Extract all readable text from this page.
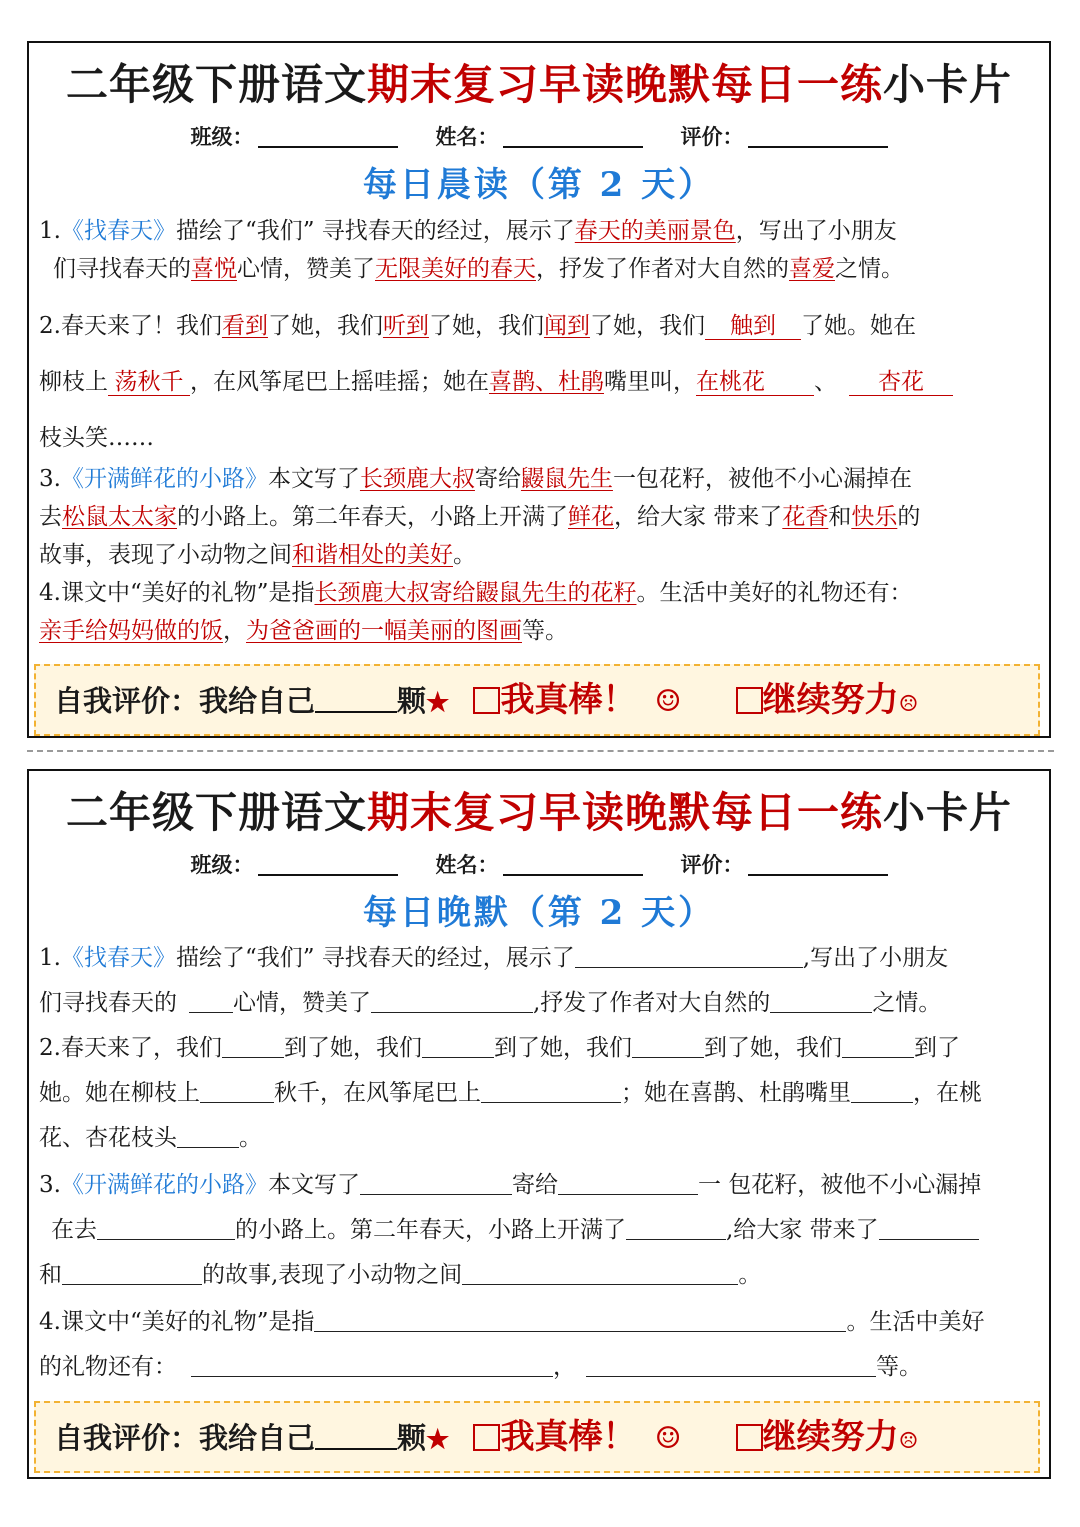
二年级下册语文期末复习早读晚默每日一练小卡片
班级：	姓名：	评价：
每日晨读（第 2 天）
1.《找春天》描绘了“我们” 寻找春天的经过，展示了春天的美丽景色，写出了小朋友
们寻找春天的喜悦心情，赞美了无限美好的春天，抒发了作者对大自然的喜爱之情。
2.春天来了！我们看到了她，我们听到了她，我们闻到了她，我们 触到 了她。她在
柳枝上 荡秋千 ，在风筝尾巴上摇哇摇；她在喜鹊、杜鹃嘴里叫，在桃花 、 杏花
枝头笑……
3.《开满鲜花的小路》本文写了长颈鹿大叔寄给鼹鼠先生一包花籽，被他不小心漏掉在
去松鼠太太家的小路上。第二年春天，小路上开满了鲜花，给大家 带来了花香和快乐的
故事，表现了小动物之间和谐相处的美好。
4.课文中“美好的礼物”是指长颈鹿大叔寄给鼹鼠先生的花籽。生活中美好的礼物还有：
亲手给妈妈做的饭，为爸爸画的一幅美丽的图画等。
自我评价：我给自己	颗★ 我真棒！ ☺ 继续努力☹
二年级下册语文期末复习早读晚默每日一练小卡片
班级：	姓名：	评价：
每日晚默（第 2 天）
1.《找春天》描绘了“我们” 寻找春天的经过，展示了	,写出了小朋友
们寻找春天的 心情，赞美了	,抒发了作者对大自然的	之情。
2.春天来了，我们	到了她，我们	到了她，我们	到了她，我们	到了
她。她在柳枝上	秋千，在风筝尾巴上	；她在喜鹊、杜鹃嘴里	，在桃
花、杏花枝头	。
3.《开满鲜花的小路》本文写了	寄给	一 包花籽，被他不小心漏掉
在去	的小路上。第二年春天，小路上开满了	,给大家 带来了
和	的故事,表现了小动物之间	。
4.课文中“美好的礼物”是指	。生活中美好
的礼物还有：	，	等。
自我评价：我给自己	颗★ 我真棒！ ☺ 继续努力☹
